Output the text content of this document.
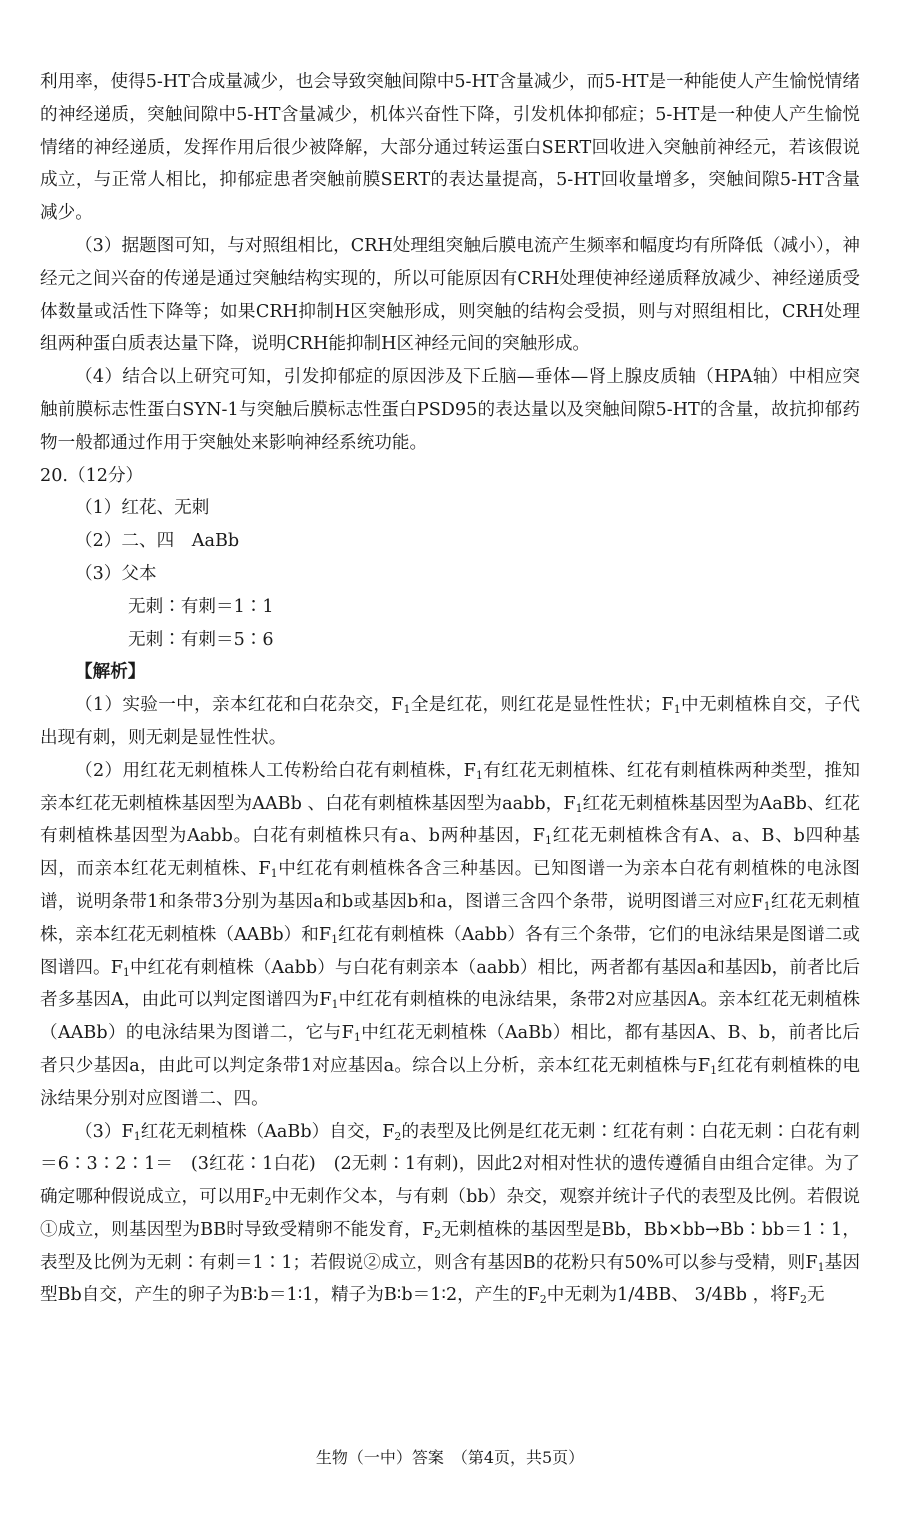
利用率，使得5-HT合成量减少，也会导致突触间隙中5-HT含量减少，而5-HT是一种能使人产生愉悦情绪的神经递质，突触间隙中5-HT含量减少，机体兴奋性下降，引发机体抑郁症；5-HT是一种使人产生愉悦情绪的神经递质，发挥作用后很少被降解，大部分通过转运蛋白SERT回收进入突触前神经元，若该假说成立，与正常人相比，抑郁症患者突触前膜SERT的表达量提高，5-HT回收量增多，突触间隙5-HT含量减少。

（3）据题图可知，与对照组相比，CRH处理组突触后膜电流产生频率和幅度均有所降低（减小），神经元之间兴奋的传递是通过突触结构实现的，所以可能原因有CRH处理使神经递质释放减少、神经递质受体数量或活性下降等；如果CRH抑制H区突触形成，则突触的结构会受损，则与对照组相比，CRH处理组两种蛋白质表达量下降，说明CRH能抑制H区神经元间的突触形成。

（4）结合以上研究可知，引发抑郁症的原因涉及下丘脑—垂体—肾上腺皮质轴（HPA轴）中相应突触前膜标志性蛋白SYN-1与突触后膜标志性蛋白PSD95的表达量以及突触间隙5-HT的含量，故抗抑郁药物一般都通过作用于突触处来影响神经系统功能。

20.（12分）

（1）红花、无刺

（2）二、四　AaBb

（3）父本

无刺∶有刺＝1∶1

无刺∶有刺＝5∶6

【解析】

（1）实验一中，亲本红花和白花杂交，$F_1$全是红花，则红花是显性性状；$F_1$中无刺植株自交，子代出现有刺，则无刺是显性性状。

（2）用红花无刺植株人工传粉给白花有刺植株，$F_1$有红花无刺植株、红花有刺植株两种类型，推知亲本红花无刺植株基因型为AABb 、白花有刺植株基因型为aabb，$F_1$红花无刺植株基因型为AaBb、红花有刺植株基因型为Aabb。白花有刺植株只有a、b两种基因，$F_1$红花无刺植株含有A、a、B、b四种基因，而亲本红花无刺植株、$F_1$中红花有刺植株各含三种基因。已知图谱一为亲本白花有刺植株的电泳图谱，说明条带1和条带3分别为基因a和b或基因b和a，图谱三含四个条带，说明图谱三对应$F_1$红花无刺植株，亲本红花无刺植株（AABb）和$F_1$红花有刺植株（Aabb）各有三个条带，它们的电泳结果是图谱二或图谱四。$F_1$中红花有刺植株（Aabb）与白花有刺亲本（aabb）相比，两者都有基因a和基因b，前者比后者多基因A，由此可以判定图谱四为$F_1$中红花有刺植株的电泳结果，条带2对应基因A。亲本红花无刺植株（AABb）的电泳结果为图谱二，它与$F_1$中红花无刺植株（AaBb）相比，都有基因A、B、b，前者比后者只少基因a，由此可以判定条带1对应基因a。综合以上分析，亲本红花无刺植株与$F_1$红花有刺植株的电泳结果分别对应图谱二、四。

$(3)F_1$红花无刺植株（AaBb）自交，$F_2$的表型及比例是红花无刺∶红花有刺∶白花无刺∶白花有刺＝6∶3∶2∶1＝　(3红花∶1白花)　(2无刺∶1有刺)，因此2对相对性状的遗传遵循自由组合定律。为了确定哪种假说成立，可以用$F_2$中无刺作父本，与有刺（bb）杂交，观察并统计子代的表型及比例。若假说①成立，则基因型为BB时导致受精卵不能发育，$F_2$无刺植株的基因型是Bb，Bb×bb→Bb∶bb＝1∶1，表型及比例为无刺∶有刺＝1∶1；若假说②成立，则含有基因B的花粉只有50%可以参与受精，则$F_1$基因型Bb自交，产生的卵子为B∶b＝1∶1，精子为B∶b＝1∶2，产生的$F_2$中无刺为1/4BB、 3/4Bb ，将$F_2$无

生物（一中）答案　（第4页，共5页）
